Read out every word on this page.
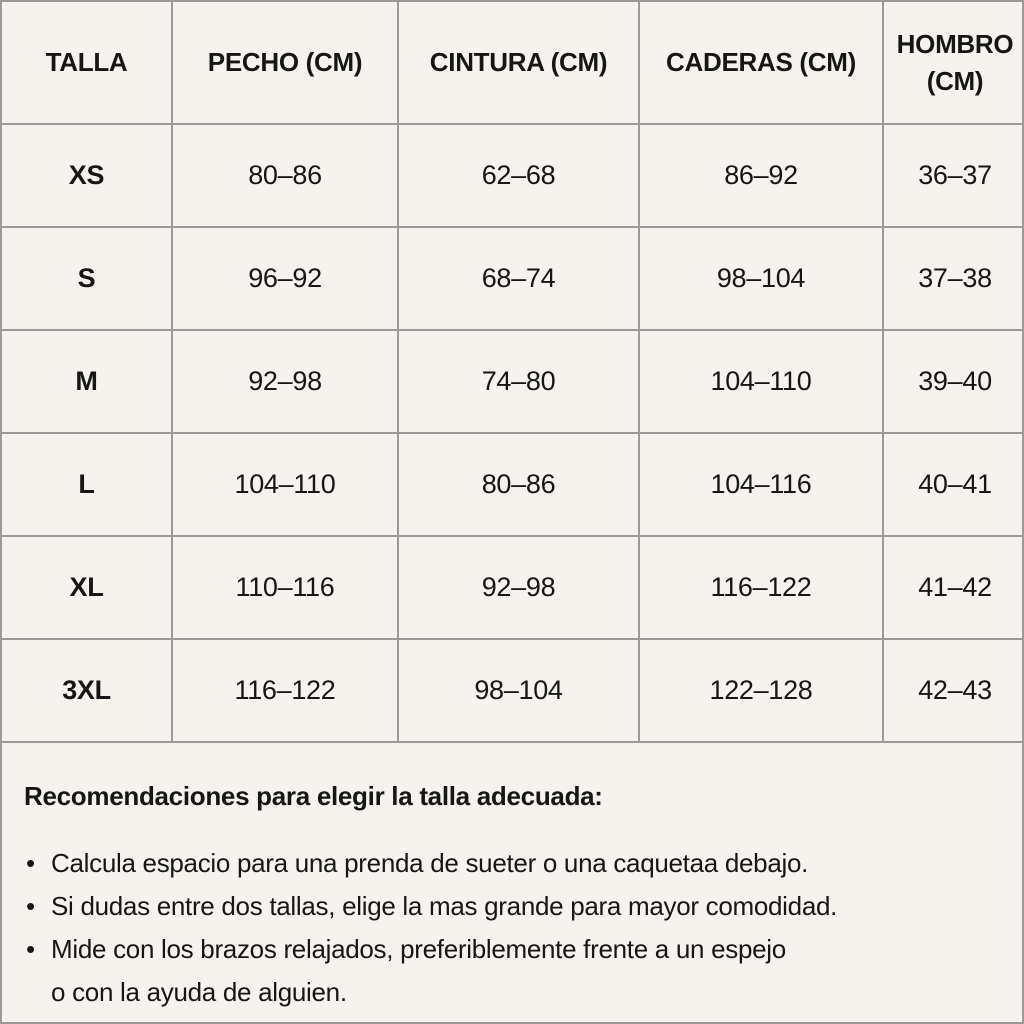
TALLA	PECHO (CM)	CINTURA (CM)	CADERAS (CM)	HOMBRO (CM)
XS	80–86	62–68	86–92	36–37
S	96–92	68–74	98–104	37–38
M	92–98	74–80	104–110	39–40
L	104–110	80–86	104–116	40–41
XL	110–116	92–98	116–122	41–42
3XL	116–122	98–104	122–128	42–43

Recomendaciones para elegir la talla adecuada:

• Calcula espacio para una prenda de sueter o una caquetaa debajo.
• Si dudas entre dos tallas, elige la mas grande para mayor comodidad.
• Mide con los brazos relajados, preferiblemente frente a un espejo
o con la ayuda de alguien.
